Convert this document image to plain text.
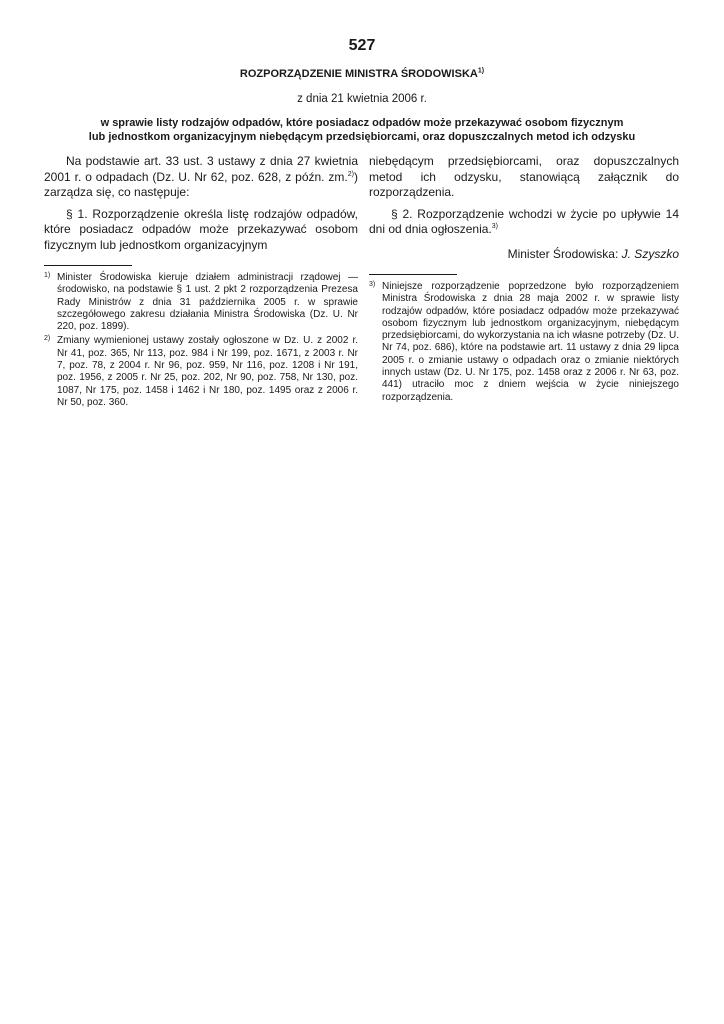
527
ROZPORZĄDZENIE MINISTRA ŚRODOWISKA$^{1)}$
z dnia 21 kwietnia 2006 r.
w sprawie listy rodzajów odpadów, które posiadacz odpadów może przekazywać osobom fizycznym
lub jednostkom organizacyjnym niebędącym przedsiębiorcami, oraz dopuszczalnych metod ich odzysku

Na podstawie art. 33 ust. 3 ustawy z dnia 27 kwietnia 2001 r. o odpadach (Dz. U. Nr 62, poz. 628, z późn. zm.$^{2)}$) zarządza się, co następuje:

§ 1. Rozporządzenie określa listę rodzajów odpadów, które posiadacz odpadów może przekazywać osobom fizycznym lub jednostkom organizacyjnym

1) Minister Środowiska kieruje działem administracji rządowej — środowisko, na podstawie § 1 ust. 2 pkt 2 rozporządzenia Prezesa Rady Ministrów z dnia 31 października 2005 r. w sprawie szczegółowego zakresu działania Ministra Środowiska (Dz. U. Nr 220, poz. 1899).
2) Zmiany wymienionej ustawy zostały ogłoszone w Dz. U. z 2002 r. Nr 41, poz. 365, Nr 113, poz. 984 i Nr 199, poz. 1671, z 2003 r. Nr 7, poz. 78, z 2004 r. Nr 96, poz. 959, Nr 116, poz. 1208 i Nr 191, poz. 1956, z 2005 r. Nr 25, poz. 202, Nr 90, poz. 758, Nr 130, poz. 1087, Nr 175, poz. 1458 i 1462 i Nr 180, poz. 1495 oraz z 2006 r. Nr 50, poz. 360.

niebędącym przedsiębiorcami, oraz dopuszczalnych metod ich odzysku, stanowiącą załącznik do rozporządzenia.

§ 2. Rozporządzenie wchodzi w życie po upływie 14 dni od dnia ogłoszenia.$^{3)}$

Minister Środowiska: J. Szyszko
3) Niniejsze rozporządzenie poprzedzone było rozporządzeniem Ministra Środowiska z dnia 28 maja 2002 r. w sprawie listy rodzajów odpadów, które posiadacz odpadów może przekazywać osobom fizycznym lub jednostkom organizacyjnym, niebędącym przedsiębiorcami, do wykorzystania na ich własne potrzeby (Dz. U. Nr 74, poz. 686), które na podstawie art. 11 ustawy z dnia 29 lipca 2005 r. o zmianie ustawy o odpadach oraz o zmianie niektórych innych ustaw (Dz. U. Nr 175, poz. 1458 oraz z 2006 r. Nr 63, poz. 441) utraciło moc z dniem wejścia w życie niniejszego rozporządzenia.
